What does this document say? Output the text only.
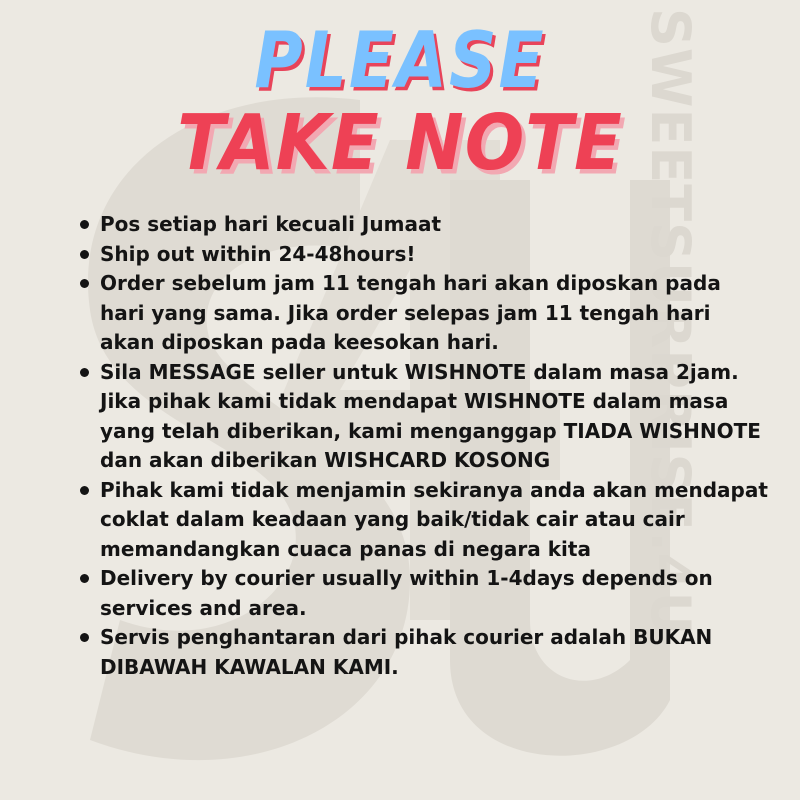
SWEETSURPRISE.4U
PLEASE
TAKE NOTE
Pos setiap hari kecuali Jumaat
Ship out within 24-48hours!
Order sebelum jam 11 tengah hari akan diposkan pada hari yang sama. Jika order selepas jam 11 tengah hari akan diposkan pada keesokan hari.
Sila MESSAGE seller untuk WISHNOTE dalam masa 2jam. Jika pihak kami tidak mendapat WISHNOTE dalam masa yang telah diberikan, kami menganggap TIADA WISHNOTE dan akan diberikan WISHCARD KOSONG
Pihak kami tidak menjamin sekiranya anda akan mendapat coklat dalam keadaan yang baik/tidak cair atau cair memandangkan cuaca panas di negara kita
Delivery by courier usually within 1-4days depends on services and area.
Servis penghantaran dari pihak courier adalah BUKAN DIBAWAH KAWALAN KAMI.
